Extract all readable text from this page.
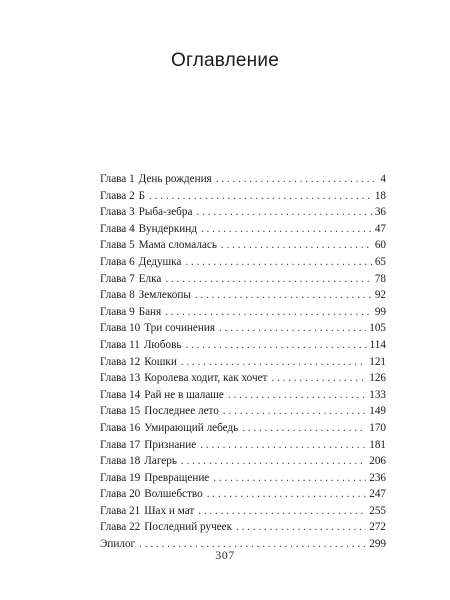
Оглавление
Глава 1 День рождения . . .	4
Глава 2 Б . . .	18
Глава 3 Рыба-зебра . . .	36
Глава 4 Вундеркинд . . .	47
Глава 5 Мама сломалась . . .	60
Глава 6 Дедушка . . .	65
Глава 7 Елка . . .	78
Глава 8 Землекопы . . .	92
Глава 9 Баня . . .	99
Глава 10 Три сочинения . . .	105
Глава 11 Любовь . . .	114
Глава 12 Кошки . . .	121
Глава 13 Королева ходит, как хочет . . .	126
Глава 14 Рай не в шалаше . . .	133
Глава 15 Последнее лето . . .	149
Глава 16 Умирающий лебедь . . .	170
Глава 17 Признание . . .	181
Глава 18 Лагерь . . .	206
Глава 19 Превращение . . .	236
Глава 20 Волшебство . . .	247
Глава 21 Шах и мат . . .	255
Глава 22 Последний ручеек . . .	272
Эпилог . . .	299
307
